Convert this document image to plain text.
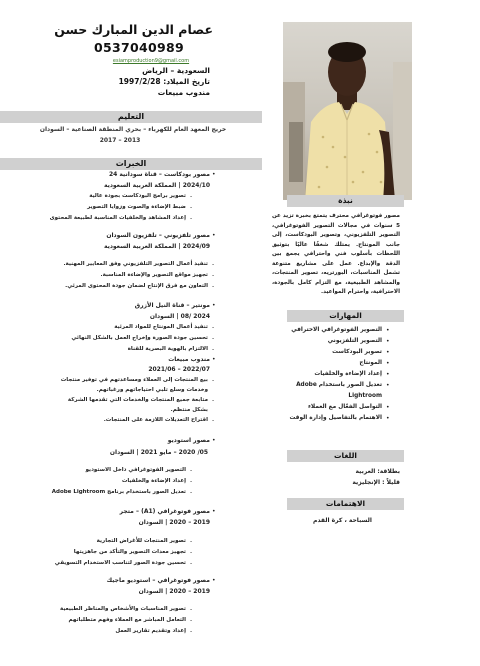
عصام الدين المبارك حسن
0537040989
esiamproduction9@gmail.com
السعودية – الرياض
تاريخ الميلاد: 1997/2/28
مندوب مبيعات
التعليم
خريج المعهد العام للكهرباء – بحري المنطقة الصناعية – السودان
2013 – 2017
الخبرات
•
مصور بودكاست – قناة سودانية 24
2024/10 | المملكة العربية السعودية
-
تصوير برامج البودكاست بجودة عالية
-
ضبط الإضاءة والصوت وزوايا التصوير
-
إعداد المشاهد والخلفيات المناسبة لطبيعة المحتوى
•
مصور تلفزيوني – تلفزيون السودان
2024/09 | المملكة العربية السعودية
-
تنفيذ أعمال التصوير التلفزيوني وفق المعايير المهنية.
-
تجهيز مواقع التصوير والإضاءة المناسبة.
-
التعاون مع فرق الإنتاج لضمان جودة المحتوى المرئي.
•
مونتير – قناة النيل الأزرق
2024 /08 | السودان
-
تنفيذ أعمال المونتاج للمواد المرئية
-
تحسين جودة الصورة وإخراج العمل بالشكل النهائي
-
الالتزام بالهوية البصرية للقناة
•
مندوب مبيعات
2022/07 – 2021/06
-
بيع المنتجات إلى العملاء ومساعدتهم في توفير منتجات
وخدمات وسلع تلبي احتياجاتهم ورغباتهم.
-
متابعة جميع المنتجات والخدمات التي تقدمها الشركة
بشكل منتظم.
-
اقتراح التعديلات اللازمة على المنتجات.
•
مصور استوديو
05/ 2020 – مايو 2021 | السودان
-
التصوير الفوتوغرافي داخل الاستوديو
-
إعداد الإضاءة والخلفيات
-
تعديل الصور باستخدام برنامج Adobe Lightroom
•
مصور فوتوغرافي (A1) – متجر
2019 – 2020 | السودان
-
تصوير المنتجات للأغراض التجارية
-
تجهيز معدات التصوير والتأكد من جاهزيتها
-
تحسين جودة الصور لتناسب الاستخدام التسويقي
•
مصور فوتوغرافي – استوديو ماجيك
2019 – 2020 | السودان
-
تصوير المناسبات والأشخاص والمناظر الطبيعية
-
التعامل المباشر مع العملاء وفهم متطلباتهم
-
إعداد وتقديم تقارير العمل
نبذة
مصور فوتوغرافي محترف يتمتع بخبرة تزيد عن 5 سنوات في مجالات التصوير الفوتوغرافي، التصوير التلفزيوني، وتصوير البودكاست، إلى جانب المونتاج. يمتلك شغفًا عاليًا بتوثيق اللحظات بأسلوب فني واحترافي يجمع بين الدقة والإبداع. عمل على مشاريع متنوعة تشمل المناسبات، البورتريه، تصوير المنتجات، والمشاهد الطبيعية، مع التزام كامل بالجودة، الاحترافية، واحترام المواعيد.
المهارات
•
التصوير الفوتوغرافي الاحترافي
•
التصوير التلفزيوني
•
تصوير البودكاست
•
المونتاج
•
إعداد الإضاءة والخلفيات
•
تعديل الصور باستخدام Adobe
Lightroom
•
التواصل الفعّال مع العملاء
•
الاهتمام بالتفاصيل وإدارة الوقت
اللغات
بطلاقة: العربية
قليلاً : الإنجليزية
الاهتمامات
السباحة ، كرة القدم
